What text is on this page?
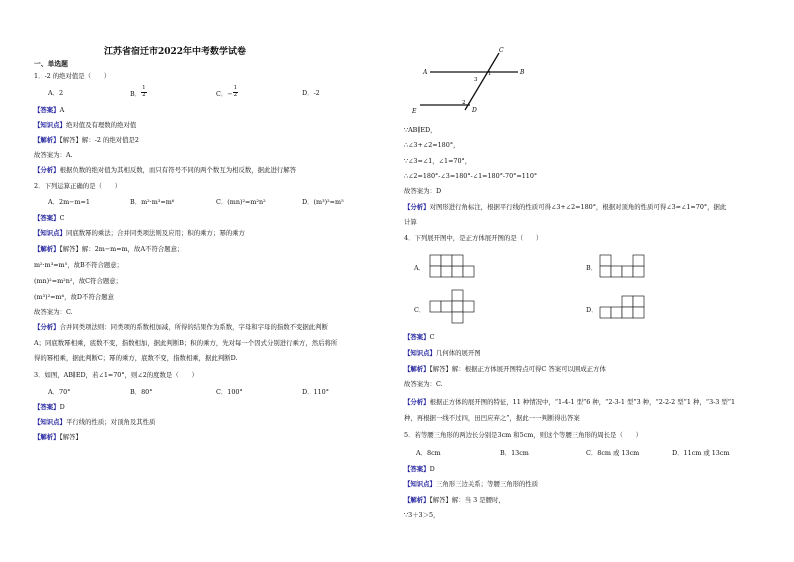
江苏省宿迁市2022年中考数学试卷
一、单选题
1．-2 的绝对值是（　　）
A．2	B． $\frac{1}{2}$	C．− $\frac{1}{2}$	D．-2
【答案】A
【知识点】绝对值及有理数的绝对值
【解析】【解答】解：-2 的绝对值是2
故答案为：A.
【分析】根据负数的绝对值为其相反数，而只有符号不同的两个数互为相反数，据此进行解答
2．下列运算正确的是（　　）
A．2m−m=1	B．m²·m³=m⁶	C．(mn)²=m²n²	D．(m³)²=m⁵
【答案】C
【知识点】同底数幂的乘法；合并同类项法则及应用；积的乘方；幂的乘方
【解析】【解答】解：2m−m=m，故A不符合题意；
m²·m³=m⁵，故B不符合题意；
(mn)²=m²n²，故C符合题意；
(m³)²=m⁶，故D不符合题意
故答案为：C.
【分析】合并同类项法则：同类项的系数相加减，所得的结果作为系数，字母和字母的指数不变据此判断
A；同底数幂相乘，底数不变，指数相加，据此判断B；积的乘方，先对每一个因式分别进行乘方，然后将所
得的幂相乘，据此判断C；幂的乘方，底数不变，指数相乘，据此判断D.
3．如图，AB∥ED，若∠1=70°，则∠2的度数是（　　）
A．70°	B．80°	C．100°	D．110°
【答案】D
【知识点】平行线的性质；对顶角及其性质
【解析】【解答】
A	B
C
D
E
1
3
2
∵AB∥ED，
∴∠3+∠2=180°，
∵∠3=∠1，∠1=70°，
∴∠2=180°-∠3=180°-∠1=180°-70°=110°
故答案为：D
【分析】对图形进行角标注，根据平行线的性质可得∠3+∠2=180°，根据对顶角的性质可得∠3=∠1=70°，据此
计算
4．下列展开图中，是正方体展开图的是（　　）
A．	B．
C．	D．
【答案】C
【知识点】几何体的展开图
【解析】【解答】解：根据正方体展开图特点可得C 答案可以围成正方体
故答案为：C.
【分析】根据正方体的展开图的特征，11 种情况中，“1-4-1 型”6 种，“2-3-1 型”3 种，“2-2-2 型”1 种，“3-3 型”1
种，再根据一线不过四，田凹应弃之”，据此一一判断得出答案
5．若等腰三角形的两边长分别是3cm 和5cm，则这个等腰三角形的周长是（　　）
A．8cm	B．13cm	C．8cm 或 13cm	D．11cm 或 13cm
【答案】D
【知识点】三角形三边关系；等腰三角形的性质
【解析】【解答】解：当 3 是腰时，
∵3＋3＞5，
